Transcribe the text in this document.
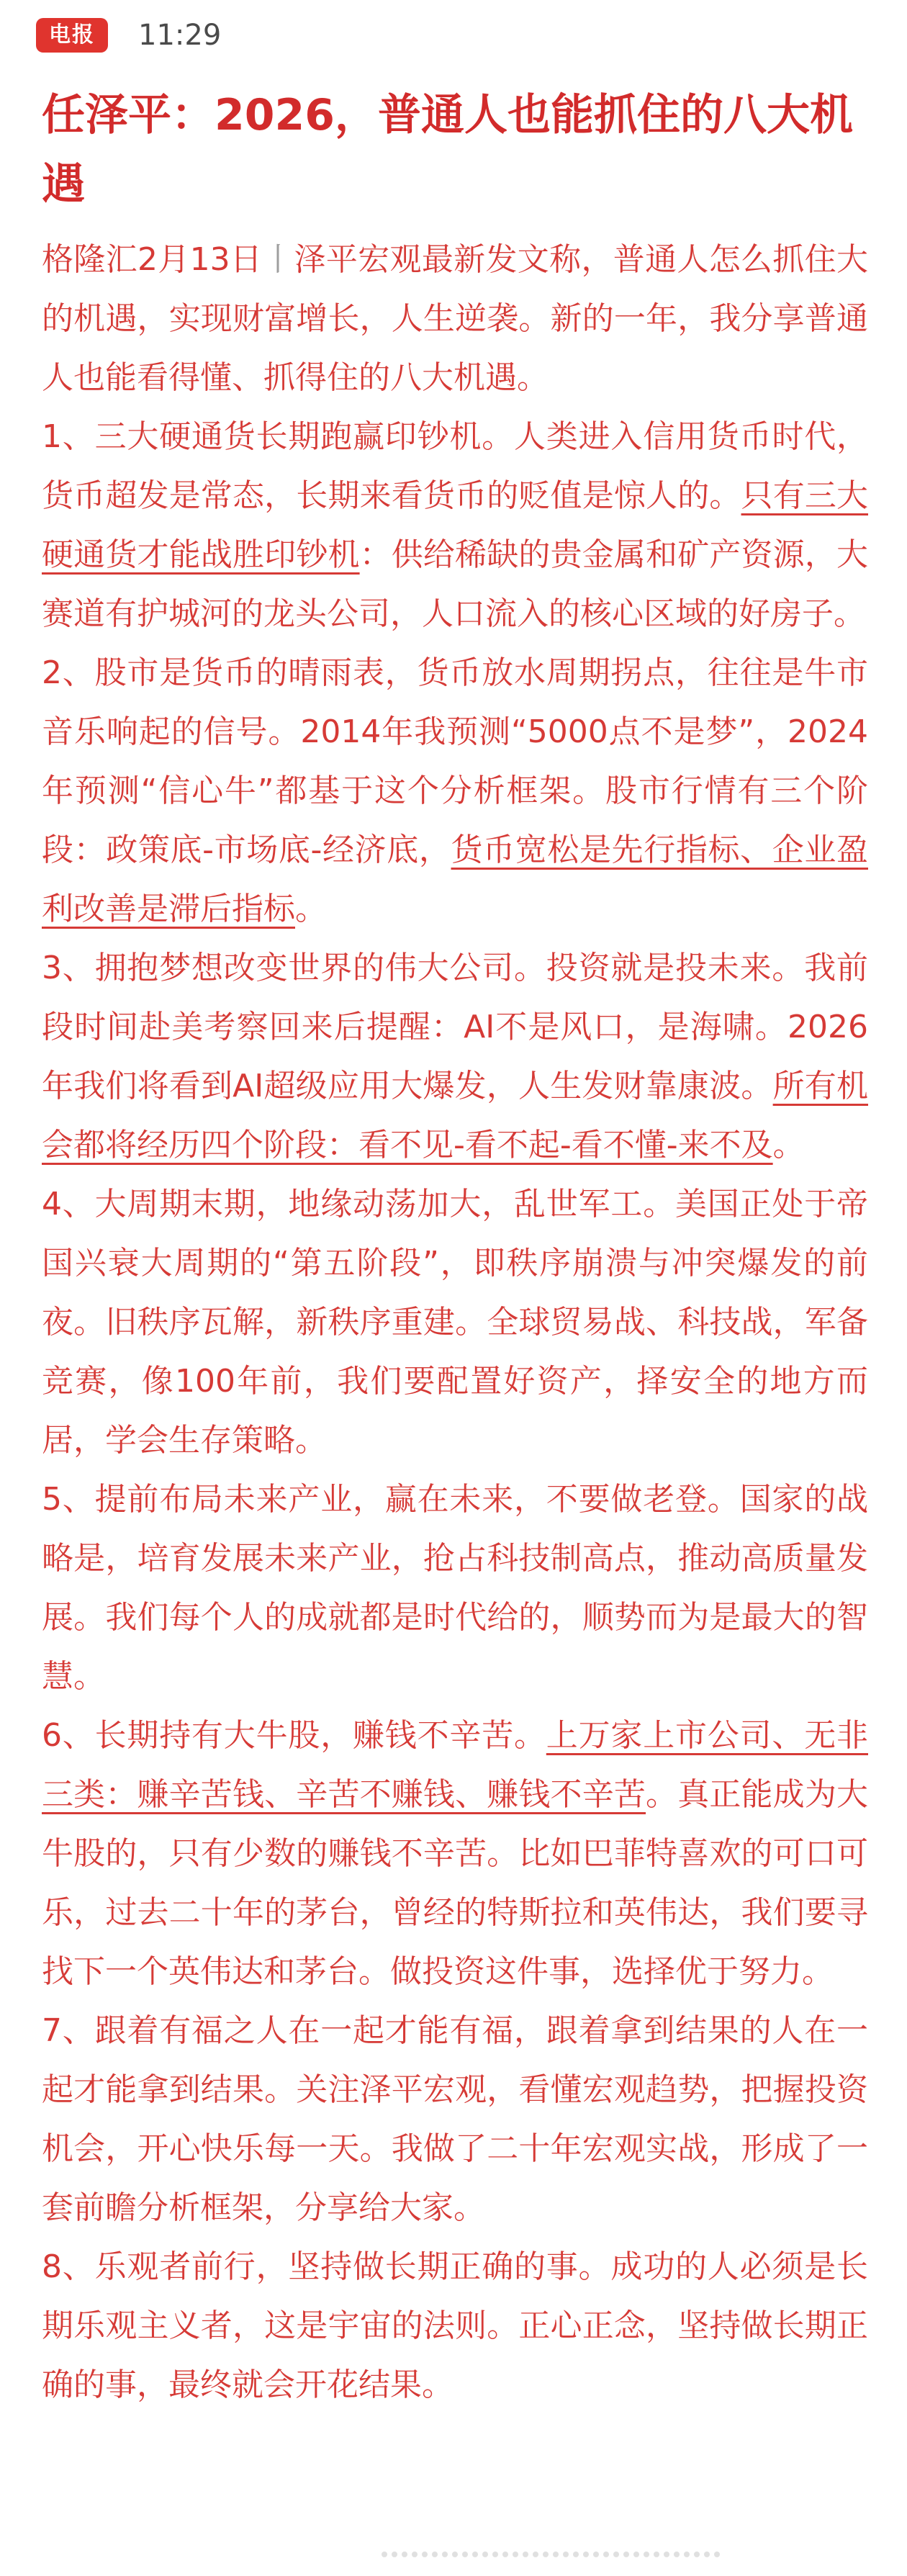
电报	11:29
任泽平：2026，普通人也能抓住的八大机遇

格隆汇2月13日丨泽平宏观最新发文称，普通人怎么抓住大的机遇，实现财富增长，人生逆袭。新的一年，我分享普通人也能看得懂、抓得住的八大机遇。

1、三大硬通货长期跑赢印钞机。人类进入信用货币时代，货币超发是常态，长期来看货币的贬值是惊人的。只有三大硬通货才能战胜印钞机：供给稀缺的贵金属和矿产资源，大赛道有护城河的龙头公司，人口流入的核心区域的好房子。

2、股市是货币的晴雨表，货币放水周期拐点，往往是牛市音乐响起的信号。2014年我预测“5000点不是梦”，2024年预测“信心牛”都基于这个分析框架。股市行情有三个阶段：政策底-市场底-经济底，货币宽松是先行指标、企业盈利改善是滞后指标。

3、拥抱梦想改变世界的伟大公司。投资就是投未来。我前段时间赴美考察回来后提醒：AI不是风口，是海啸。2026年我们将看到AI超级应用大爆发，人生发财靠康波。所有机会都将经历四个阶段：看不见-看不起-看不懂-来不及。

4、大周期末期，地缘动荡加大，乱世军工。美国正处于帝国兴衰大周期的“第五阶段”，即秩序崩溃与冲突爆发的前夜。旧秩序瓦解，新秩序重建。全球贸易战、科技战，军备竞赛，像100年前，我们要配置好资产，择安全的地方而居，学会生存策略。

5、提前布局未来产业，赢在未来，不要做老登。国家的战略是，培育发展未来产业，抢占科技制高点，推动高质量发展。我们每个人的成就都是时代给的，顺势而为是最大的智慧。

6、长期持有大牛股，赚钱不辛苦。上万家上市公司、无非三类：赚辛苦钱、辛苦不赚钱、赚钱不辛苦。真正能成为大牛股的，只有少数的赚钱不辛苦。比如巴菲特喜欢的可口可乐，过去二十年的茅台，曾经的特斯拉和英伟达，我们要寻找下一个英伟达和茅台。做投资这件事，选择优于努力。

7、跟着有福之人在一起才能有福，跟着拿到结果的人在一起才能拿到结果。关注泽平宏观，看懂宏观趋势，把握投资机会，开心快乐每一天。我做了二十年宏观实战，形成了一套前瞻分析框架，分享给大家。

8、乐观者前行，坚持做长期正确的事。成功的人必须是长期乐观主义者，这是宇宙的法则。正心正念，坚持做长期正确的事，最终就会开花结果。
